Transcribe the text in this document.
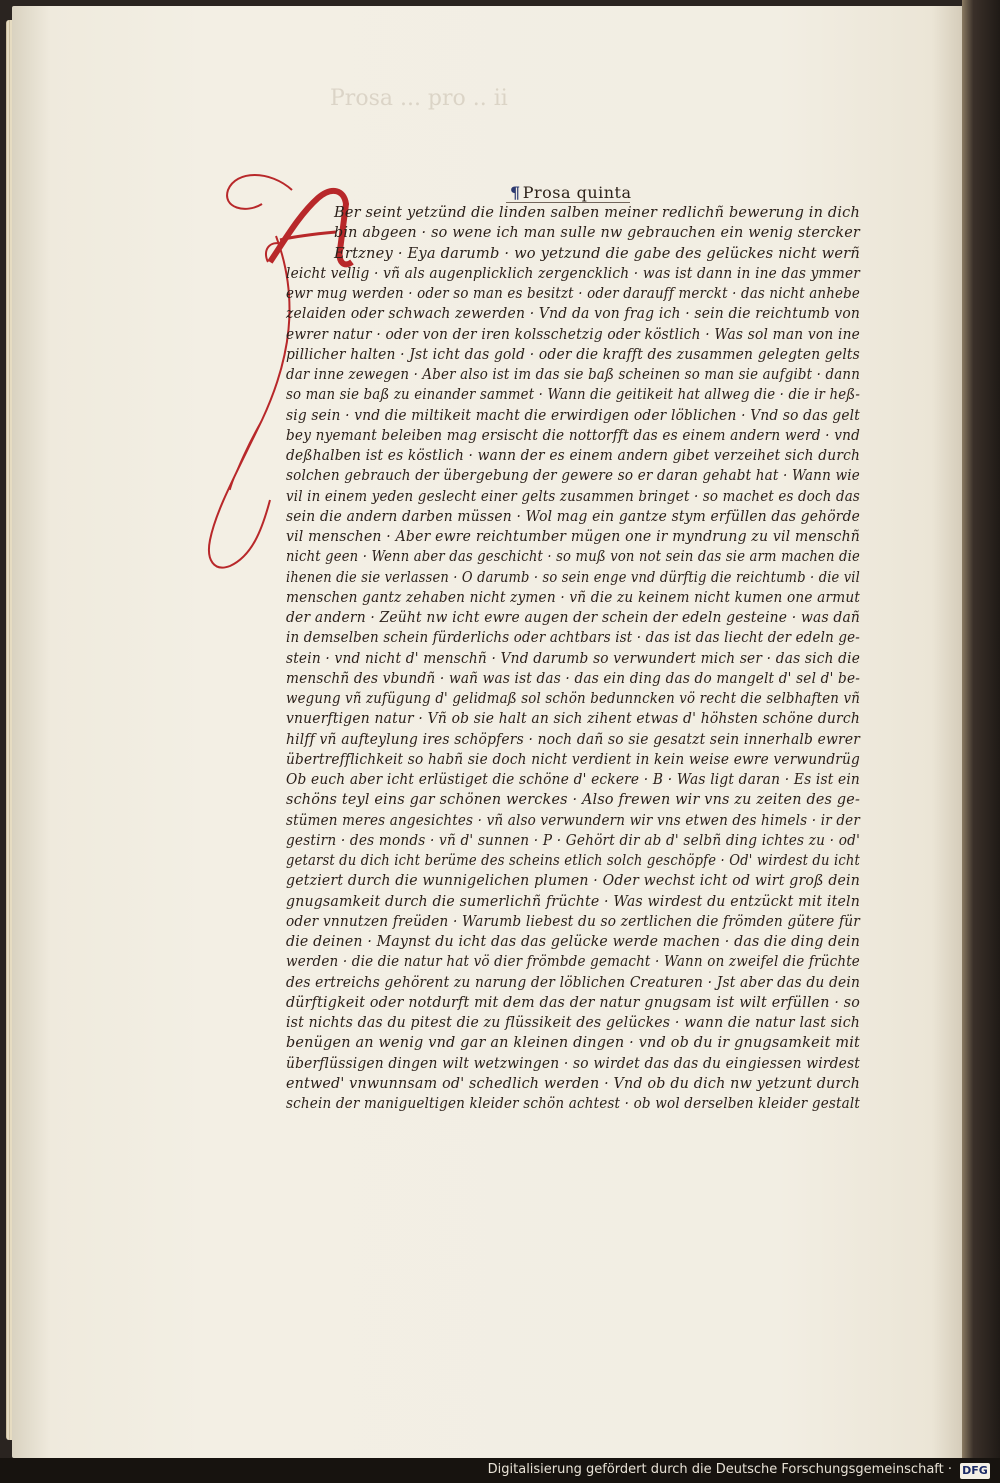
Prosa ... pro .. ii
¶ Prosa quinta
Ber seint yetzünd die linden salben meiner redlichñ bewerung in dich
bin abgeen · so wene ich man sulle nw gebrauchen ein wenig stercker
Ertzney · Eya darumb · wo yetzund die gabe des gelückes nicht werñ
leicht vellig · vñ als augenplicklich zergencklich · was ist dann in ine das ymmer
ewr mug werden · oder so man es besitzt · oder darauff merckt · das nicht anhebe
zelaiden oder schwach zewerden · Vnd da von frag ich · sein die reichtumb von
ewrer natur · oder von der iren kolsschetzig oder köstlich · Was sol man von ine
pillicher halten · Jst icht das gold · oder die krafft des zusammen gelegten gelts
dar inne zewegen · Aber also ist im das sie baß scheinen so man sie aufgibt · dann
so man sie baß zu einander sammet · Wann die geitikeit hat allweg die · die ir heß-
sig sein · vnd die miltikeit macht die erwirdigen oder löblichen · Vnd so das gelt
bey nyemant beleiben mag ersischt die nottorfft das es einem andern werd · vnd
deßhalben ist es köstlich · wann der es einem andern gibet verzeihet sich durch
solchen gebrauch der übergebung der gewere so er daran gehabt hat · Wann wie
vil in einem yeden geslecht einer gelts zusammen bringet · so machet es doch das
sein die andern darben müssen · Wol mag ein gantze stym erfüllen das gehörde
vil menschen · Aber ewre reichtumber mügen one ir myndrung zu vil menschñ
nicht geen · Wenn aber das geschicht · so muß von not sein das sie arm machen die
ihenen die sie verlassen · O darumb · so sein enge vnd dürftig die reichtumb · die vil
menschen gantz zehaben nicht zymen · vñ die zu keinem nicht kumen one armut
der andern · Zeüht nw icht ewre augen der schein der edeln gesteine · was dañ
in demselben schein fürderlichs oder achtbars ist · das ist das liecht der edeln ge-
stein · vnd nicht d' menschñ · Vnd darumb so verwundert mich ser · das sich die
menschñ des vbundñ · wañ was ist das · das ein ding das do mangelt d' sel d' be-
wegung vñ zufügung d' gelidmaß sol schön bedunncken vö recht die selbhaften vñ
vnuerftigen natur · Vñ ob sie halt an sich zihent etwas d' höhsten schöne durch
hilff vñ aufteylung ires schöpfers · noch dañ so sie gesatzt sein innerhalb ewrer
übertrefflichkeit so habñ sie doch nicht verdient in kein weise ewre verwundrüg
Ob euch aber icht erlüstiget die schöne d' eckere · B · Was ligt daran · Es ist ein
schöns teyl eins gar schönen werckes · Also frewen wir vns zu zeiten des ge-
stümen meres angesichtes · vñ also verwundern wir vns etwen des himels · ir der
gestirn · des monds · vñ d' sunnen · P · Gehört dir ab d' selbñ ding ichtes zu · od'
getarst du dich icht berüme des scheins etlich solch geschöpfe · Od' wirdest du icht
getziert durch die wunnigelichen plumen · Oder wechst icht od wirt groß dein
gnugsamkeit durch die sumerlichñ früchte · Was wirdest du entzückt mit iteln
oder vnnutzen freüden · Warumb liebest du so zertlichen die frömden gütere für
die deinen · Maynst du icht das das gelücke werde machen · das die ding dein
werden · die die natur hat vö dier frömbde gemacht · Wann on zweifel die früchte
des ertreichs gehörent zu narung der löblichen Creaturen · Jst aber das du dein
dürftigkeit oder notdurft mit dem das der natur gnugsam ist wilt erfüllen · so
ist nichts das du pitest die zu flüssikeit des gelückes · wann die natur last sich
benügen an wenig vnd gar an kleinen dingen · vnd ob du ir gnugsamkeit mit
überflüssigen dingen wilt wetzwingen · so wirdet das das du eingiessen wirdest
entwed' vnwunnsam od' schedlich werden · Vnd ob du dich nw yetzunt durch
schein der manigueltigen kleider schön achtest · ob wol derselben kleider gestalt
Digitalisierung gefördert durch die Deutsche Forschungsgemeinschaft · DFG
